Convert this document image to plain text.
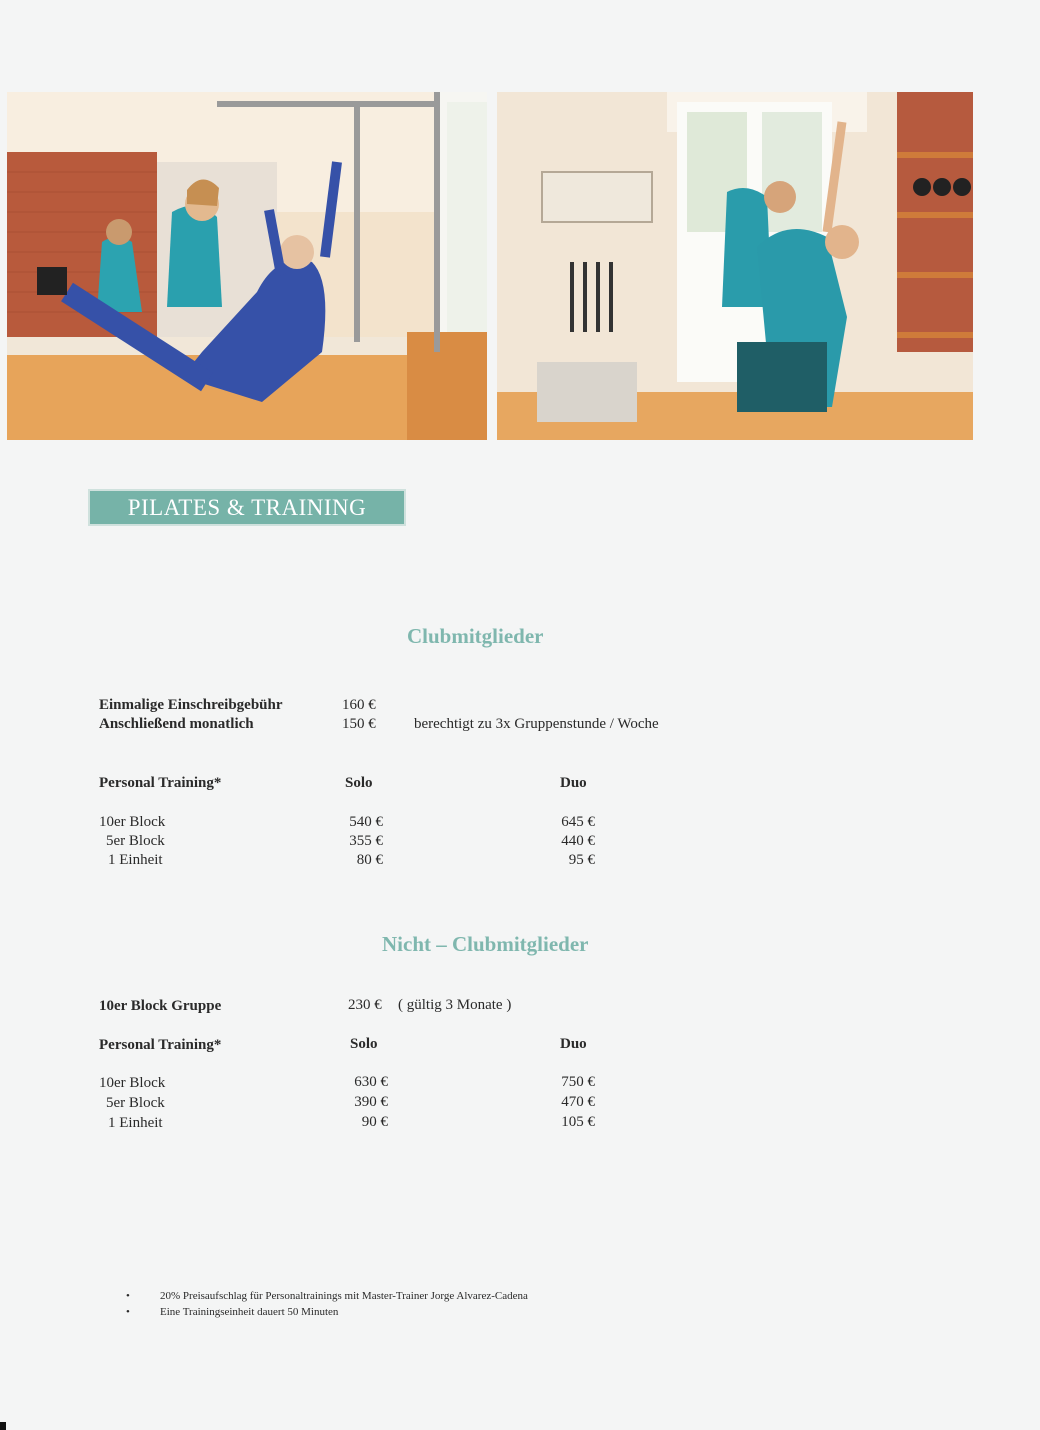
PILATES & TRAINING
Clubmitglieder
Einmalige Einschreibgebühr	160 €
Anschließend monatlich	150 €	berechtigt zu 3x Gruppenstunde / Woche
Personal Training*	Solo	Duo
10er Block	540 €	645 €
5er Block	355 €	440 €
1 Einheit	80 €	95 €
Nicht – Clubmitglieder
10er Block Gruppe	230 € ( gültig 3 Monate )
Personal Training*	Solo	Duo
10er Block	630 €	750 €
5er Block	390 €	470 €
1 Einheit	90 €	105 €
•	20% Preisaufschlag für Personaltrainings mit Master-Trainer Jorge Alvarez-Cadena
•	Eine Trainingseinheit dauert 50 Minuten
